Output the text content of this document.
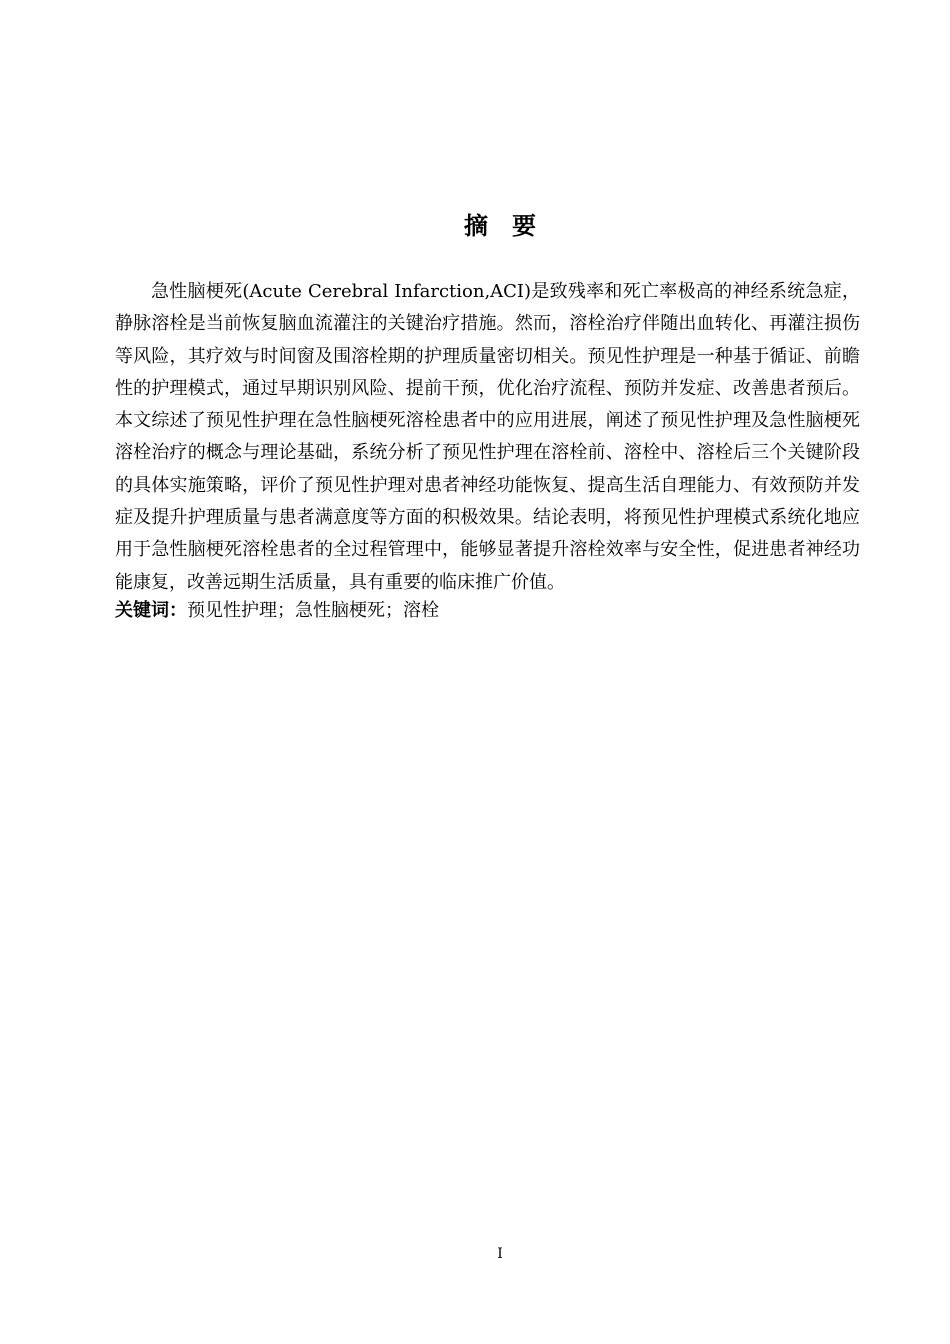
摘要

急性脑梗死(Acute Cerebral Infarction,ACI)是致残率和死亡率极高的神经系统急症，静脉溶栓是当前恢复脑血流灌注的关键治疗措施。然而，溶栓治疗伴随出血转化、再灌注损伤等风险，其疗效与时间窗及围溶栓期的护理质量密切相关。预见性护理是一种基于循证、前瞻性的护理模式，通过早期识别风险、提前干预，优化治疗流程、预防并发症、改善患者预后。本文综述了预见性护理在急性脑梗死溶栓患者中的应用进展，阐述了预见性护理及急性脑梗死溶栓治疗的概念与理论基础，系统分析了预见性护理在溶栓前、溶栓中、溶栓后三个关键阶段的具体实施策略，评价了预见性护理对患者神经功能恢复、提高生活自理能力、有效预防并发症及提升护理质量与患者满意度等方面的积极效果。结论表明，将预见性护理模式系统化地应用于急性脑梗死溶栓患者的全过程管理中，能够显著提升溶栓效率与安全性，促进患者神经功能康复，改善远期生活质量，具有重要的临床推广价值。

关键词：预见性护理；急性脑梗死；溶栓

I
